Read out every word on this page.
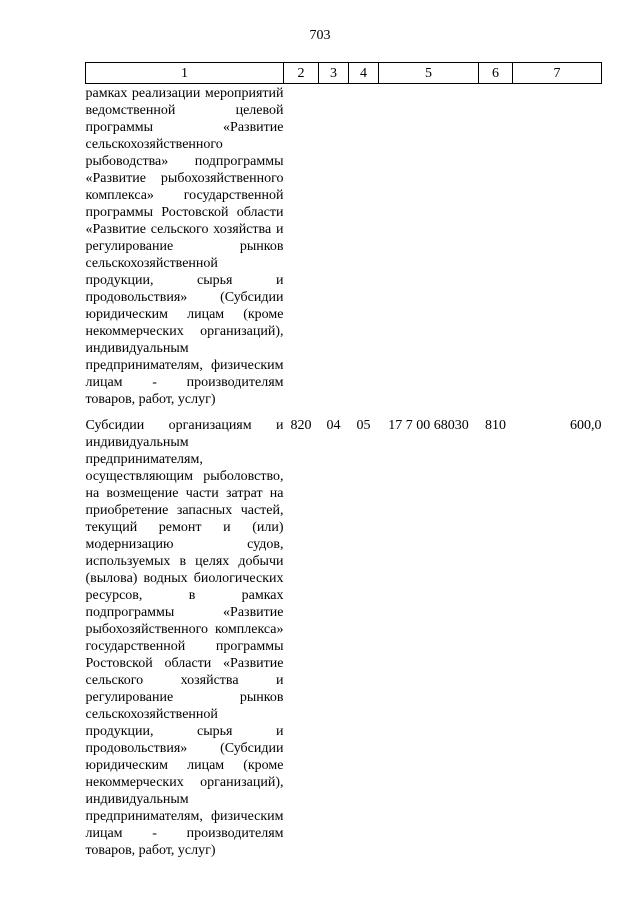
703
1	2	3	4	5	6	7
рамках реализации мероприятий ведомственной целевой программы «Развитие сельскохозяйственного рыбоводства» подпрограммы «Развитие рыбохозяйственного комплекса» государственной программы Ростовской области «Развитие сельского хозяйства и регулирование рынков сельскохозяйственной продукции, сырья и продовольствия» (Субсидии юридическим лицам (кроме некоммерческих организаций), индивидуальным предпринимателям, физическим лицам - производителям товаров, работ, услуг)						
Субсидии организациям и индивидуальным предпринимателям, осуществляющим рыболовство, на возмещение части затрат на приобретение запасных частей, текущий ремонт и (или) модернизацию судов, используемых в целях добычи (вылова) водных биологических ресурсов, в рамках подпрограммы «Развитие рыбохозяйственного комплекса» государственной программы Ростовской области «Развитие сельского хозяйства и регулирование рынков сельскохозяйственной продукции, сырья и продовольствия» (Субсидии юридическим лицам (кроме некоммерческих организаций), индивидуальным предпринимателям, физическим лицам - производителям товаров, работ, услуг)	820	04	05	17 7 00 68030	810	600,0
